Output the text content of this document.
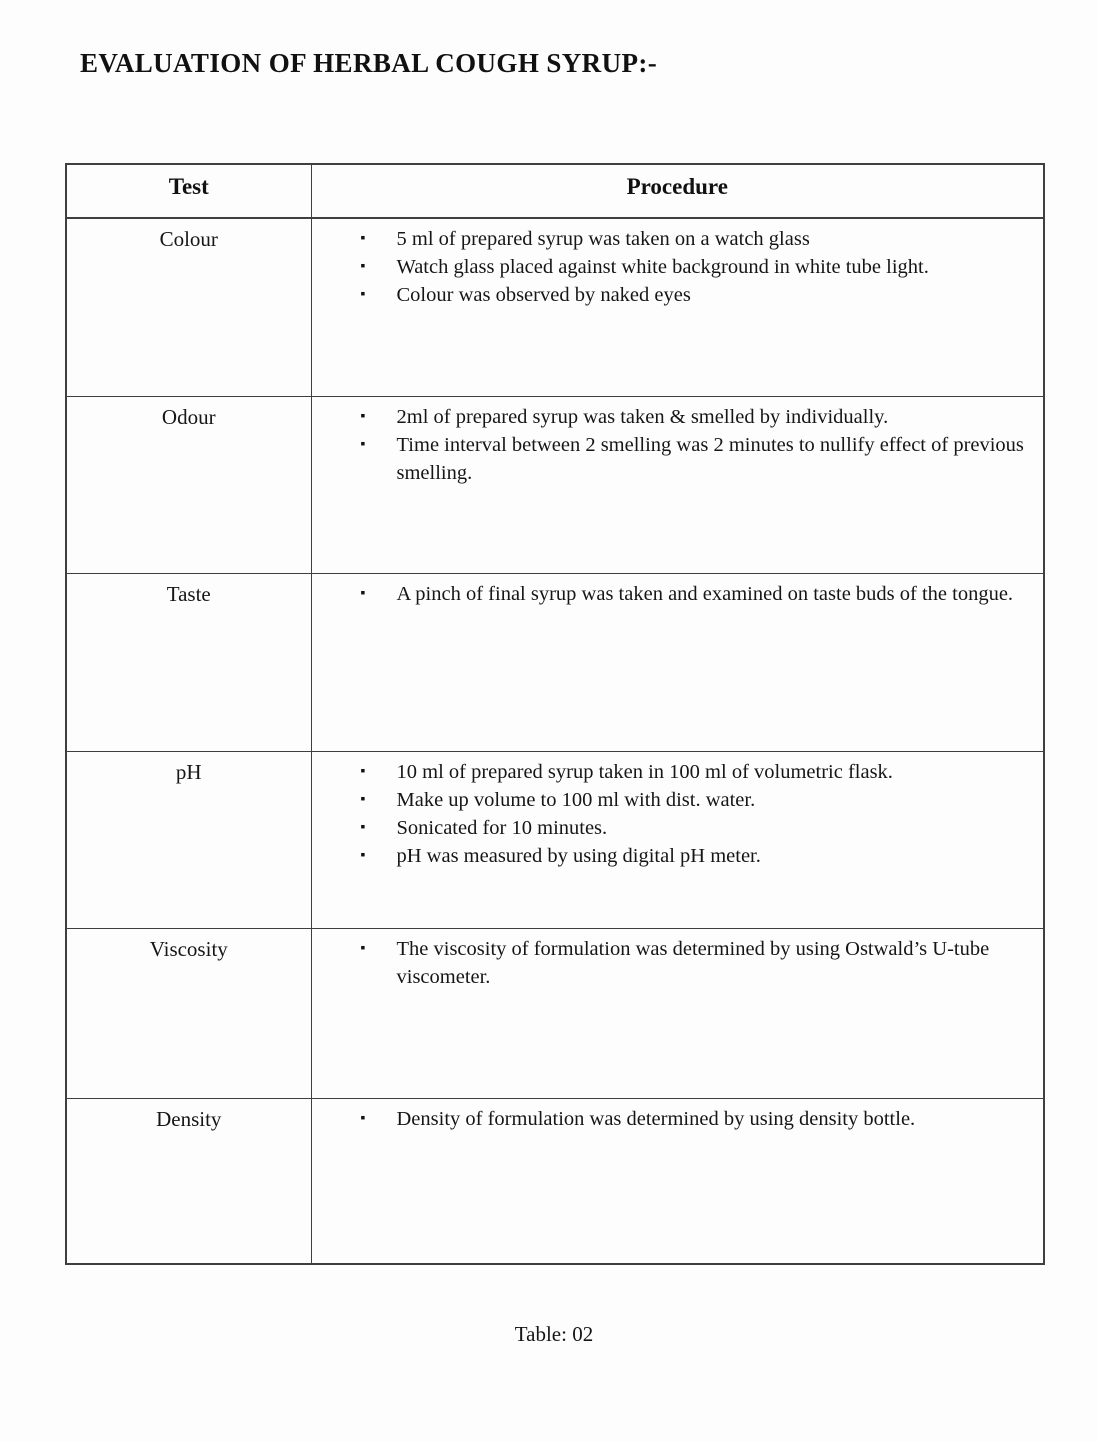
EVALUATION OF HERBAL COUGH SYRUP:-
Test	Procedure
Colour	
▪5 ml of prepared syrup was taken on a watch glass
▪ Watch glass placed against white background in white tube light.
▪ Colour was observed by naked eyes

Odour	
▪2ml of prepared syrup was taken & smelled by individually.
▪ Time interval between 2 smelling was 2 minutes to nullify effect of previous smelling.

Taste	
▪A pinch of final syrup was taken and examined on taste buds of the tongue.

pH	
▪10 ml of prepared syrup taken in 100 ml of volumetric flask.
▪ Make up volume to 100 ml with dist. water.
▪ Sonicated for 10 minutes.
▪ pH was measured by using digital pH meter.

Viscosity	
▪The viscosity of formulation was determined by using Ostwald’s U-tube viscometer.

Density	
▪Density of formulation was determined by using density bottle.
Table: 02
